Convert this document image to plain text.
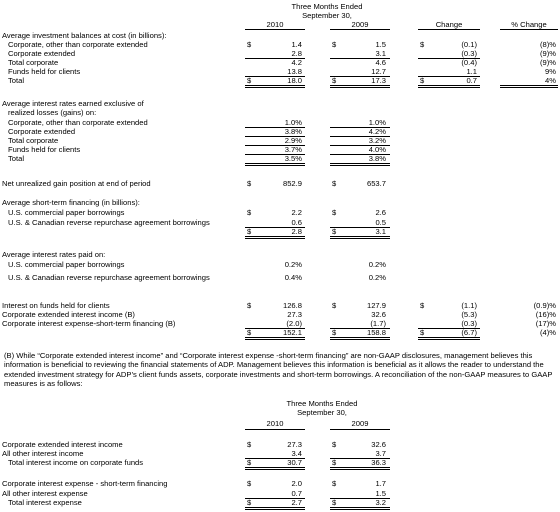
Three Months Ended
September 30,
2010	2009	Change	% Change
Average investment balances at cost (in billions):
Corporate, other than corporate extended	$	1.4	$	1.5	$	(0.1)	(8)%
Corporate extended	2.8	3.1	(0.3)	(9)%
Total corporate	4.2	4.6	(0.4)	(9)%
Funds held for clients	13.8	12.7	1.1	9%
Total	$	18.0	$	17.3	$	0.7	4%
Average interest rates earned exclusive of
realized losses (gains) on:
Corporate, other than corporate extended	1.0%	1.0%
Corporate extended	3.8%	4.2%
Total corporate	2.9%	3.2%
Funds held for clients	3.7%	4.0%
Total	3.5%	3.8%
Net unrealized gain position at end of period	$	852.9	$	653.7
Average short-term financing (in billions):
U.S. commercial paper borrowings	$	2.2	$	2.6
U.S. & Canadian reverse repurchase agreement borrowings	0.6	0.5
$	2.8	$	3.1
Average interest rates paid on:
U.S. commercial paper borrowings	0.2%	0.2%
U.S. & Canadian reverse repurchase agreement borrowings	0.4%	0.2%
Interest on funds held for clients	$	126.8	$	127.9	$	(1.1)	(0.9)%
Corporate extended interest income (B)	27.3	32.6	(5.3)	(16)%
Corporate interest expense-short-term financing (B)	(2.0)	(1.7)	(0.3)	(17)%
$	152.1	$	158.8	$	(6.7)	(4)%
(B) While “Corporate extended interest income” and “Corporate interest expense -short-term financing” are non-GAAP disclosures, management believes this information is beneficial to reviewing the financial statements of ADP. Management believes this information is beneficial as it allows the reader to understand the extended investment strategy for ADP’s client funds assets, corporate investments and short-term borrowings. A reconciliation of the non-GAAP measures to GAAP measures is as follows:
Three Months Ended
September 30,
2010	2009
Corporate extended interest income	$	27.3	$	32.6
All other interest income	3.4	3.7
Total interest income on corporate funds	$	30.7	$	36.3
Corporate interest expense - short-term financing	$	2.0	$	1.7
All other interest expense	0.7	1.5
Total interest expense	$	2.7	$	3.2
